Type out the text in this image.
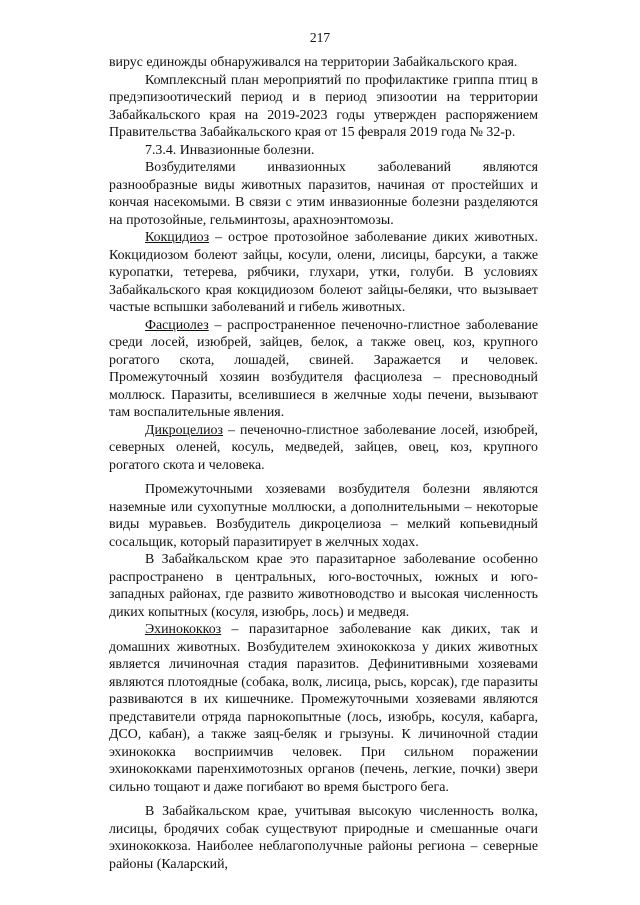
217

вирус единожды обнаруживался на территории Забайкальского края.

Комплексный план мероприятий по профилактике гриппа птиц в предэпизоотический период и в период эпизоотии на территории Забайкальского края на 2019-2023 годы утвержден распоряжением Правительства Забайкальского края от 15 февраля 2019 года № 32-р.

7.3.4. Инвазионные болезни.

Возбудителями инвазионных заболеваний являются разнообразные виды животных паразитов, начиная от простейших и кончая насекомыми. В связи с этим инвазионные болезни разделяются на протозойные, гельминтозы, арахноэнтомозы.

Кокцидиоз – острое протозойное заболевание диких животных. Кокцидиозом болеют зайцы, косули, олени, лисицы, барсуки, а также куропатки, тетерева, рябчики, глухари, утки, голуби. В условиях Забайкальского края кокцидиозом болеют зайцы-беляки, что вызывает частые вспышки заболеваний и гибель животных.

Фасциолез – распространенное печеночно-глистное заболевание среди лосей, изюбрей, зайцев, белок, а также овец, коз, крупного рогатого скота, лошадей, свиней. Заражается и человек. Промежуточный хозяин возбудителя фасциолеза – пресноводный моллюск. Паразиты, вселившиеся в желчные ходы печени, вызывают там воспалительные явления.

Дикроцелиоз – печеночно-глистное заболевание лосей, изюбрей, северных оленей, косуль, медведей, зайцев, овец, коз, крупного рогатого скота и человека.

Промежуточными хозяевами возбудителя болезни являются наземные или сухопутные моллюски, а дополнительными – некоторые виды муравьев. Возбудитель дикроцелиоза – мелкий копьевидный сосальщик, который паразитирует в желчных ходах.

В Забайкальском крае это паразитарное заболевание особенно распространено в центральных, юго-восточных, южных и юго-западных районах, где развито животноводство и высокая численность диких копытных (косуля, изюбрь, лось) и медведя.

Эхинококкоз – паразитарное заболевание как диких, так и домашних животных. Возбудителем эхинококкоза у диких животных является личиночная стадия паразитов. Дефинитивными хозяевами являются плотоядные (собака, волк, лисица, рысь, корсак), где паразиты развиваются в их кишечнике. Промежуточными хозяевами являются представители отряда парнокопытные (лось, изюбрь, косуля, кабарга, ДСО, кабан), а также заяц-беляк и грызуны. К личиночной стадии эхинококка восприимчив человек. При сильном поражении эхинококками паренхимотозных органов (печень, легкие, почки) звери сильно тощают и даже погибают во время быстрого бега.

В Забайкальском крае, учитывая высокую численность волка, лисицы, бродячих собак существуют природные и смешанные очаги эхинококкоза. Наиболее неблагополучные районы региона – северные районы (Каларский,
